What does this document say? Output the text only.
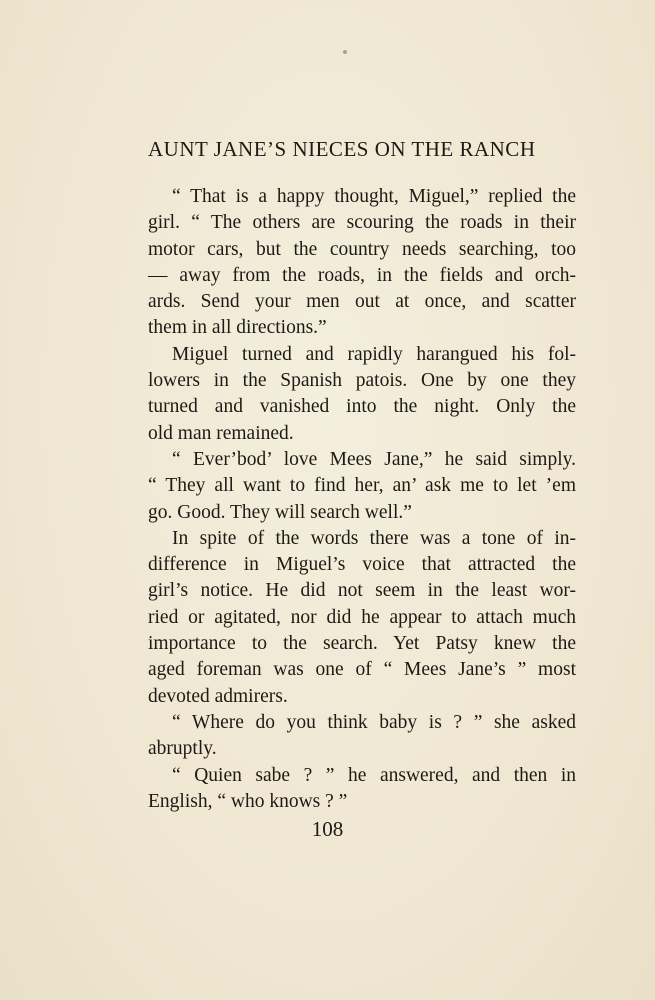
AUNT JANE’S NIECES ON THE RANCH
“ That is a happy thought, Miguel,” replied the
girl. “ The others are scouring the roads in their
motor cars, but the country needs searching, too
— away from the roads, in the fields and orch-
ards. Send your men out at once, and scatter
them in all directions.”
Miguel turned and rapidly harangued his fol-
lowers in the Spanish patois. One by one they
turned and vanished into the night. Only the
old man remained.
“ Ever’bod’ love Mees Jane,” he said simply.
“ They all want to find her, an’ ask me to let ’em
go. Good. They will search well.”
In spite of the words there was a tone of in-
difference in Miguel’s voice that attracted the
girl’s notice. He did not seem in the least wor-
ried or agitated, nor did he appear to attach much
importance to the search. Yet Patsy knew the
aged foreman was one of “ Mees Jane’s ” most
devoted admirers.
“ Where do you think baby is ? ” she asked
abruptly.
“ Quien sabe ? ” he answered, and then in
English, “ who knows ? ”
108
